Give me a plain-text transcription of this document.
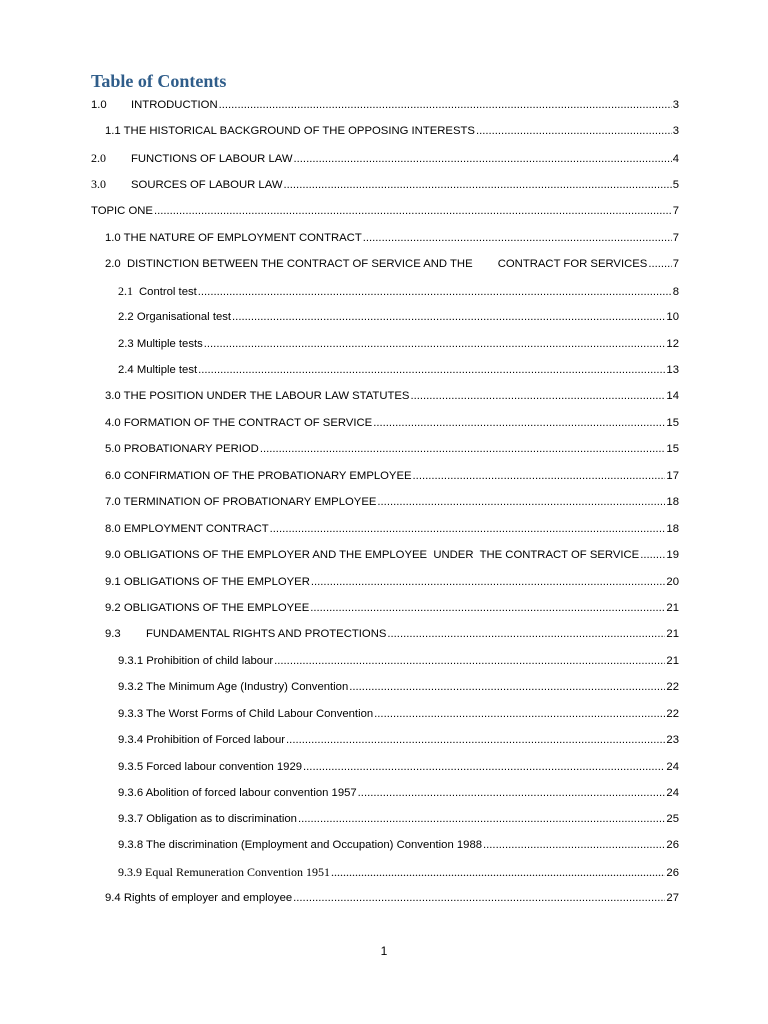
Table of Contents
1.0	INTRODUCTION .....	3
1.1 THE HISTORICAL BACKGROUND OF THE OPPOSING INTERESTS .....	3
2.0	FUNCTIONS OF LABOUR LAW .....	4
3.0	SOURCES OF LABOUR LAW .....	5
TOPIC ONE .....	7
1.0 THE NATURE OF EMPLOYMENT CONTRACT .....	7
2.0  DISTINCTION BETWEEN THE CONTRACT OF SERVICE AND THE        CONTRACT FOR SERVICES ..... 7
2.1 Control test .....	8
2.2 Organisational test .....	10
2.3 Multiple tests .....	12
2.4 Multiple test .....	13
3.0 THE POSITION UNDER THE LABOUR LAW STATUTES .....	14
4.0 FORMATION OF THE CONTRACT OF SERVICE .....	15
5.0 PROBATIONARY PERIOD .....	15
6.0 CONFIRMATION OF THE PROBATIONARY EMPLOYEE .....	17
7.0 TERMINATION OF PROBATIONARY EMPLOYEE .....	18
8.0 EMPLOYMENT CONTRACT .....	18
9.0 OBLIGATIONS OF THE EMPLOYER AND THE EMPLOYEE  UNDER  THE CONTRACT OF SERVICE ..... 19
9.1 OBLIGATIONS OF THE EMPLOYER .....	20
9.2 OBLIGATIONS OF THE EMPLOYEE .....	21
9.3	FUNDAMENTAL RIGHTS AND PROTECTIONS .....	21
9.3.1 Prohibition of child labour .....	21
9.3.2 The Minimum Age (Industry) Convention .....	22
9.3.3 The Worst Forms of Child Labour Convention .....	22
9.3.4 Prohibition of Forced labour .....	23
9.3.5 Forced labour convention 1929 .....	24
9.3.6 Abolition of forced labour convention 1957 .....	24
9.3.7 Obligation as to discrimination .....	25
9.3.8 The discrimination (Employment and Occupation) Convention 1988 .....	26
9.3.9 Equal Remuneration Convention 1951 .....	26
9.4 Rights of employer and employee .....	27
1
